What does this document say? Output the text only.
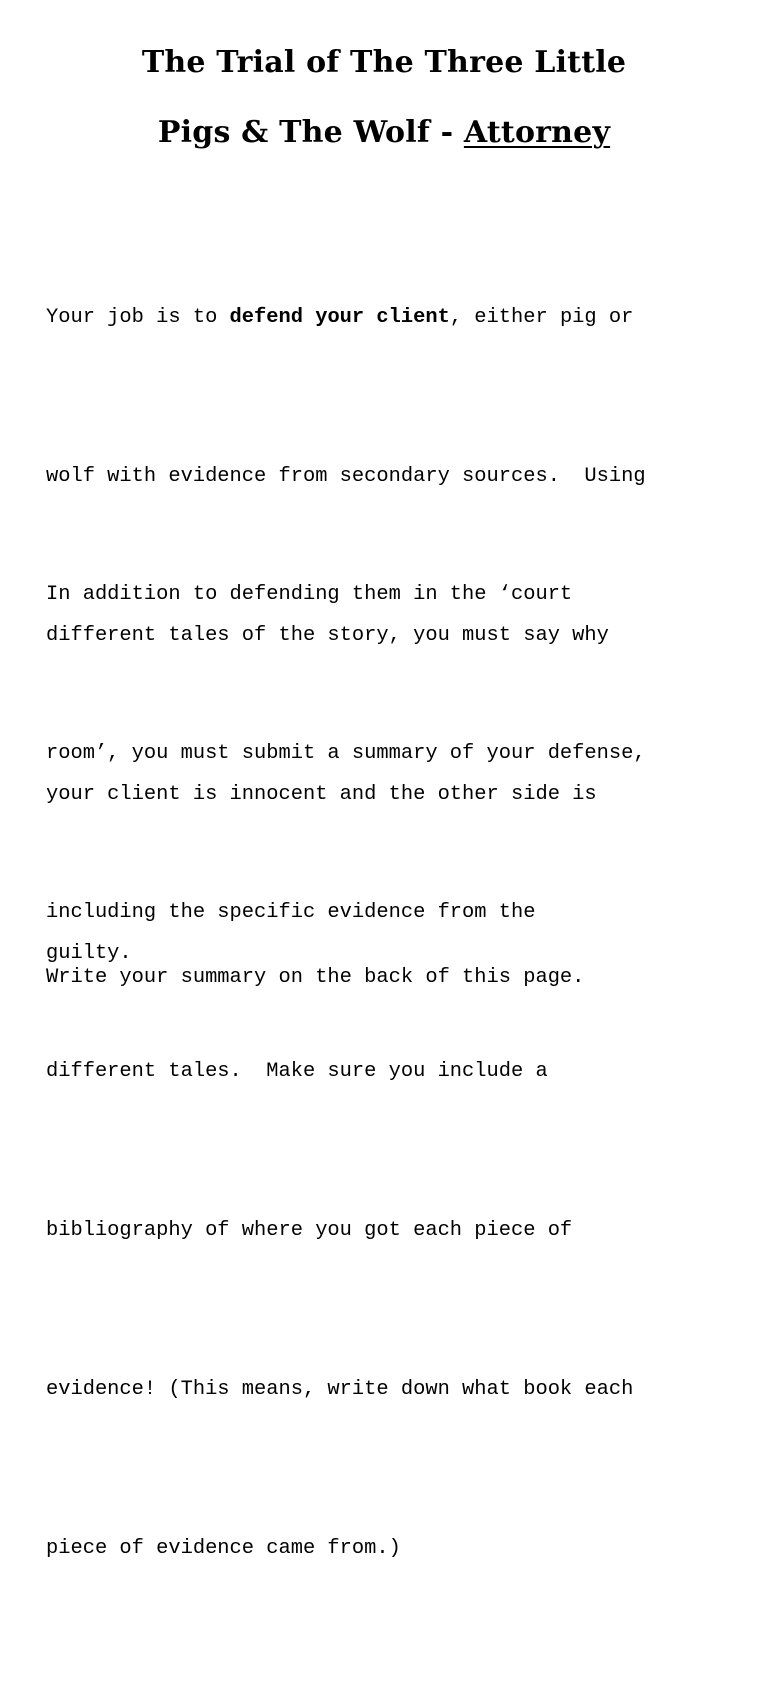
The Trial of The Three Little
Pigs & The Wolf - Attorney

Your job is to defend your client, either pig or

wolf with evidence from secondary sources.  Using

different tales of the story, you must say why

your client is innocent and the other side is

guilty.

In addition to defending them in the ‘court

room’, you must submit a summary of your defense,

including the specific evidence from the

different tales.  Make sure you include a

bibliography of where you got each piece of

evidence! (This means, write down what book each

piece of evidence came from.)

Write your summary on the back of this page.
